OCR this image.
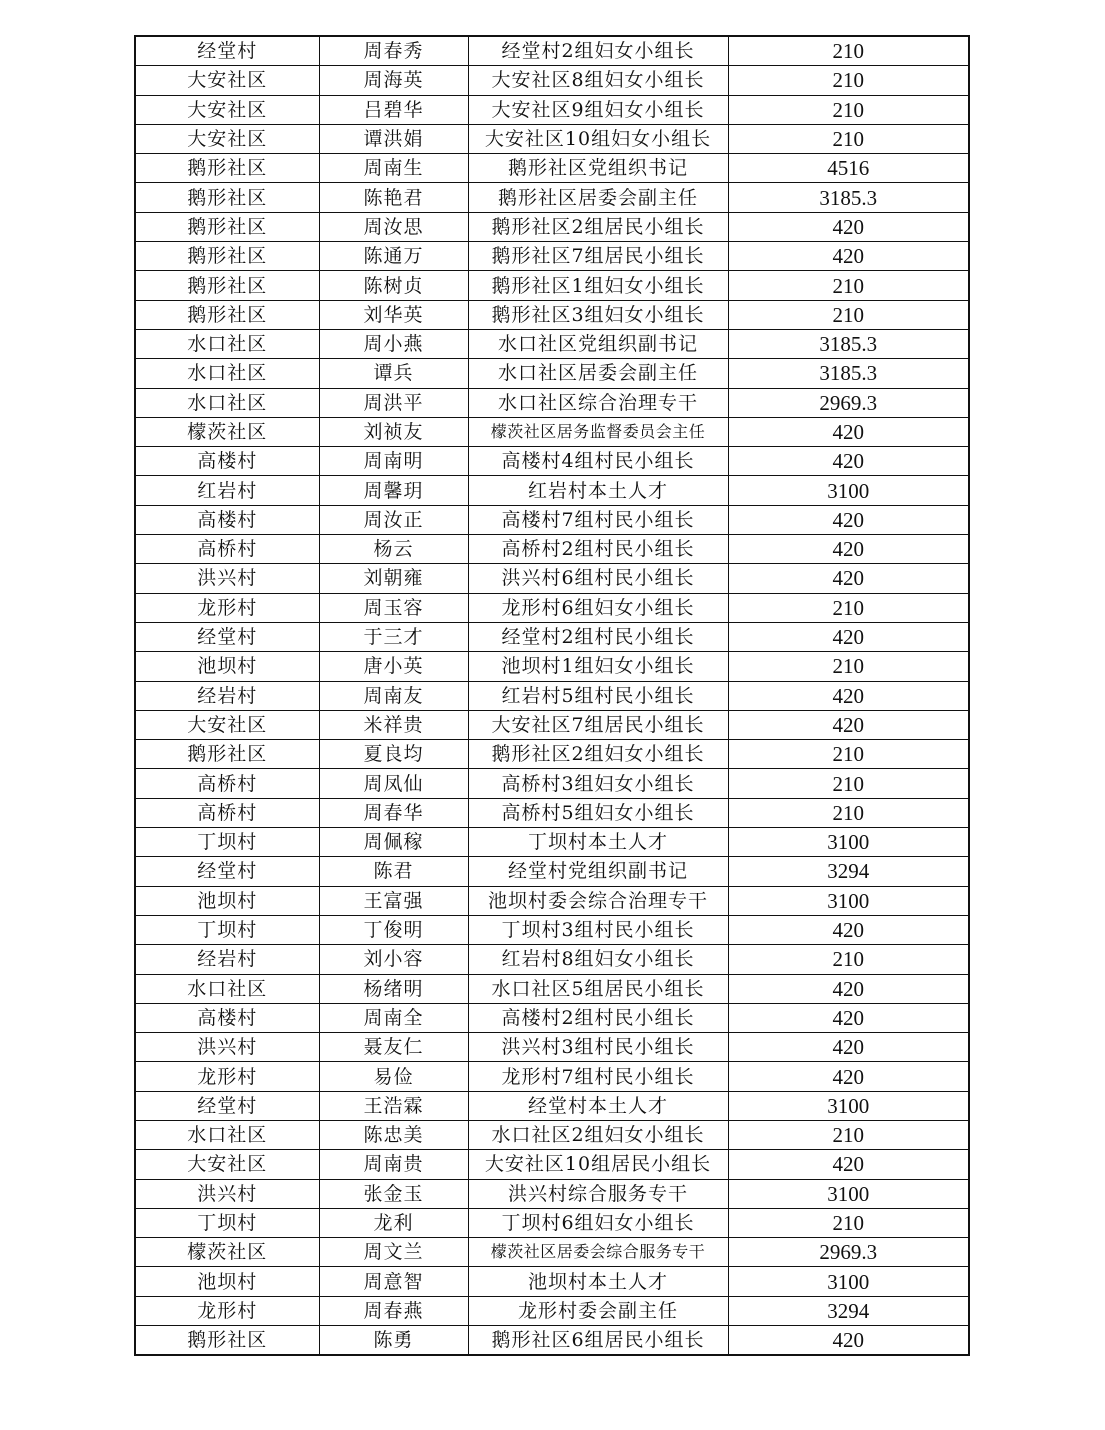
经堂村	周春秀	经堂村2组妇女小组长	210
大安社区	周海英	大安社区8组妇女小组长	210
大安社区	吕碧华	大安社区9组妇女小组长	210
大安社区	谭洪娟	大安社区10组妇女小组长	210
鹅形社区	周南生	鹅形社区党组织书记	4516
鹅形社区	陈艳君	鹅形社区居委会副主任	3185.3
鹅形社区	周汝思	鹅形社区2组居民小组长	420
鹅形社区	陈通万	鹅形社区7组居民小组长	420
鹅形社区	陈树贞	鹅形社区1组妇女小组长	210
鹅形社区	刘华英	鹅形社区3组妇女小组长	210
水口社区	周小燕	水口社区党组织副书记	3185.3
水口社区	谭兵	水口社区居委会副主任	3185.3
水口社区	周洪平	水口社区综合治理专干	2969.3
檬茨社区	刘祯友	檬茨社区居务监督委员会主任	420
高楼村	周南明	高楼村4组村民小组长	420
红岩村	周馨玥	红岩村本土人才	3100
高楼村	周汝正	高楼村7组村民小组长	420
高桥村	杨云	高桥村2组村民小组长	420
洪兴村	刘朝雍	洪兴村6组村民小组长	420
龙形村	周玉容	龙形村6组妇女小组长	210
经堂村	于三才	经堂村2组村民小组长	420
池坝村	唐小英	池坝村1组妇女小组长	210
经岩村	周南友	红岩村5组村民小组长	420
大安社区	米祥贵	大安社区7组居民小组长	420
鹅形社区	夏良均	鹅形社区2组妇女小组长	210
高桥村	周凤仙	高桥村3组妇女小组长	210
高桥村	周春华	高桥村5组妇女小组长	210
丁坝村	周佩稼	丁坝村本土人才	3100
经堂村	陈君	经堂村党组织副书记	3294
池坝村	王富强	池坝村委会综合治理专干	3100
丁坝村	丁俊明	丁坝村3组村民小组长	420
经岩村	刘小容	红岩村8组妇女小组长	210
水口社区	杨绪明	水口社区5组居民小组长	420
高楼村	周南全	高楼村2组村民小组长	420
洪兴村	聂友仁	洪兴村3组村民小组长	420
龙形村	易俭	龙形村7组村民小组长	420
经堂村	王浩霖	经堂村本土人才	3100
水口社区	陈忠美	水口社区2组妇女小组长	210
大安社区	周南贵	大安社区10组居民小组长	420
洪兴村	张金玉	洪兴村综合服务专干	3100
丁坝村	龙利	丁坝村6组妇女小组长	210
檬茨社区	周文兰	檬茨社区居委会综合服务专干	2969.3
池坝村	周意智	池坝村本土人才	3100
龙形村	周春燕	龙形村委会副主任	3294
鹅形社区	陈勇	鹅形社区6组居民小组长	420
